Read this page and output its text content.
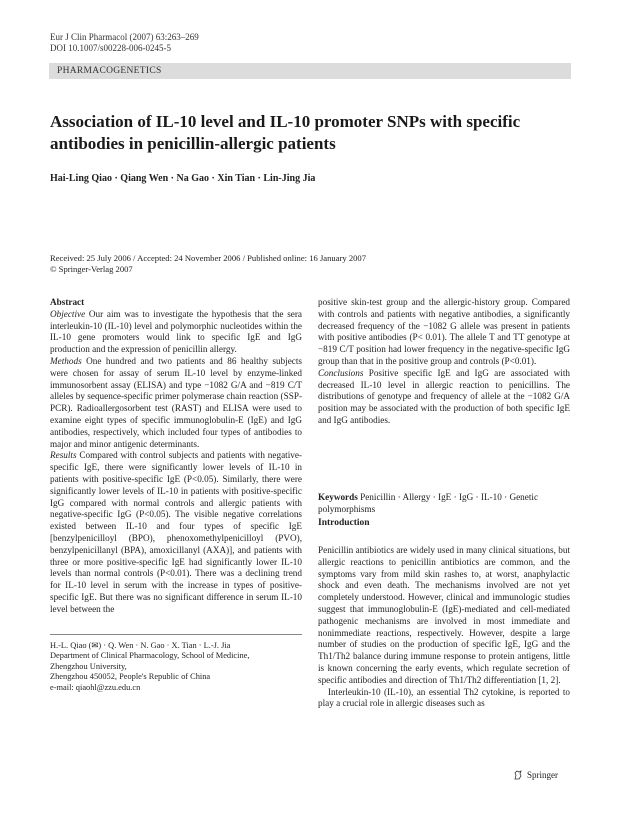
Eur J Clin Pharmacol (2007) 63:263–269
DOI 10.1007/s00228-006-0245-5
PHARMACOGENETICS
Association of IL-10 level and IL-10 promoter SNPs with specific antibodies in penicillin-allergic patients
Hai-Ling Qiao · Qiang Wen · Na Gao · Xin Tian · Lin-Jing Jia
Received: 25 July 2006 / Accepted: 24 November 2006 / Published online: 16 January 2007
© Springer-Verlag 2007

Abstract

Objective Our aim was to investigate the hypothesis that the sera interleukin-10 (IL-10) level and polymorphic nucleotides within the IL-10 gene promoters would link to specific IgE and IgG production and the expression of penicillin allergy.

Methods One hundred and two patients and 86 healthy subjects were chosen for assay of serum IL-10 level by enzyme-linked immunosorbent assay (ELISA) and type −1082 G/A and −819 C/T alleles by sequence-specific primer polymerase chain reaction (SSP-PCR). Radioallergosorbent test (RAST) and ELISA were used to examine eight types of specific immunoglobulin-E (IgE) and IgG antibodies, respectively, which included four types of antibodies to major and minor antigenic determinants.

Results Compared with control subjects and patients with negative-specific IgE, there were significantly lower levels of IL-10 in patients with positive-specific IgE (P<0.05). Similarly, there were significantly lower levels of IL-10 in patients with positive-specific IgG compared with normal controls and allergic patients with negative-specific IgG (P<0.05). The visible negative correlations existed between IL-10 and four types of specific IgE [benzylpenicilloyl (BPO), phenoxomethylpenicilloyl (PVO), benzylpenicillanyl (BPA), amoxicillanyl (AXA)], and patients with three or more positive-specific IgE had significantly lower IL-10 levels than normal controls (P<0.01). There was a declining trend for IL-10 level in serum with the increase in types of positive-specific IgE. But there was no significant difference in serum IL-10 level between the

positive skin-test group and the allergic-history group. Compared with controls and patients with negative antibodies, a significantly decreased frequency of the −1082 G allele was present in patients with positive antibodies (P< 0.01). The allele T and TT genotype at −819 C/T position had lower frequency in the negative-specific IgG group than that in the positive group and controls (P<0.01).

Conclusions Positive specific IgE and IgG are associated with decreased IL-10 level in allergic reaction to penicillins. The distributions of genotype and frequency of allele at the −1082 G/A position may be associated with the production of both specific IgE and IgG antibodies.

Keywords Penicillin · Allergy · IgE · IgG · IL-10 · Genetic polymorphisms
Introduction

Penicillin antibiotics are widely used in many clinical situations, but allergic reactions to penicillin antibiotics are common, and the symptoms vary from mild skin rashes to, at worst, anaphylactic shock and even death. The mechanisms involved are not yet completely understood. However, clinical and immunologic studies suggest that immunoglobulin-E (IgE)-mediated and cell-mediated pathogenic mechanisms are involved in most immediate and nonimmediate reactions, respectively. However, despite a large number of studies on the production of specific IgE, IgG and the Th1/Th2 balance during immune response to protein antigens, little is known concerning the early events, which regulate secretion of specific antibodies and direction of Th1/Th2 differentiation [1, 2].

Interleukin-10 (IL-10), an essential Th2 cytokine, is reported to play a crucial role in allergic diseases such as

H.-L. Qiao (✉) · Q. Wen · N. Gao · X. Tian · L.-J. Jia
Department of Clinical Pharmacology, School of Medicine,
Zhengzhou University,
Zhengzhou 450052, People's Republic of China
e-mail: qiaohl@zzu.edu.cn
Springer
